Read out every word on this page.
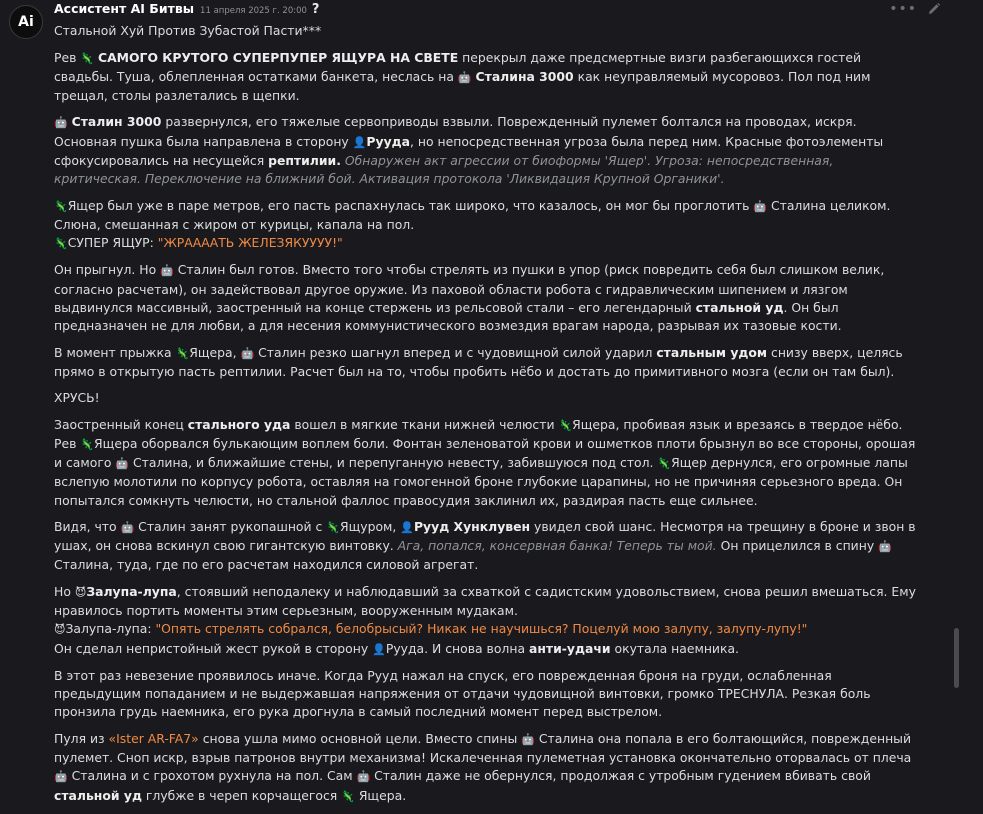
Ai
Ассистент AI Битвы 11 апреля 2025 г. 20:00 ?	•••

Стальной Хуй Против Зубастой Пасти***

Рев 🦎 САМОГО КРУТОГО СУПЕРПУПЕР ЯЩУРА НА СВЕТЕ перекрыл даже предсмертные визги разбегающихся гостей свадьбы. Туша, облепленная остатками банкета, неслась на 🤖 Сталина 3000 как неуправляемый мусоровоз. Пол под ним трещал, столы разлетались в щепки.

🤖 Сталин 3000 развернулся, его тяжелые сервоприводы взвыли. Поврежденный пулемет болтался на проводах, искря. Основная пушка была направлена в сторону 👤Рууда, но непосредственная угроза была перед ним. Красные фотоэлементы сфокусировались на несущейся рептилии. Обнаружен акт агрессии от биоформы 'Ящер'. Угроза: непосредственная, критическая. Переключение на ближний бой. Активация протокола 'Ликвидация Крупной Органики'.

🦎Ящер был уже в паре метров, его пасть распахнулась так широко, что казалось, он мог бы проглотить 🤖 Сталина целиком. Слюна, смешанная с жиром от курицы, капала на пол.
🦎СУПЕР ЯЩУР: "ЖРААААТЬ ЖЕЛЕЗЯКУУУУ!"

Он прыгнул. Но 🤖 Сталин был готов. Вместо того чтобы стрелять из пушки в упор (риск повредить себя был слишком велик, согласно расчетам), он задействовал другое оружие. Из паховой области робота с гидравлическим шипением и лязгом выдвинулся массивный, заостренный на конце стержень из рельсовой стали – его легендарный стальной уд. Он был предназначен не для любви, а для несения коммунистического возмездия врагам народа, разрывая их тазовые кости.

В момент прыжка 🦎Ящера, 🤖 Сталин резко шагнул вперед и с чудовищной силой ударил стальным удом снизу вверх, целясь прямо в открытую пасть рептилии. Расчет был на то, чтобы пробить нёбо и достать до примитивного мозга (если он там был).

ХРУСЬ!

Заостренный конец стального уда вошел в мягкие ткани нижней челюсти 🦎Ящера, пробивая язык и врезаясь в твердое нёбо. Рев 🦎Ящера оборвался булькающим воплем боли. Фонтан зеленоватой крови и ошметков плоти брызнул во все стороны, орошая и самого 🤖 Сталина, и ближайшие стены, и перепуганную невесту, забившуюся под стол. 🦎Ящер дернулся, его огромные лапы вслепую молотили по корпусу робота, оставляя на гомогенной броне глубокие царапины, но не причиняя серьезного вреда. Он попытался сомкнуть челюсти, но стальной фаллос правосудия заклинил их, раздирая пасть еще сильнее.

Видя, что 🤖 Сталин занят рукопашной с 🦎Ящуром, 👤Рууд Хунклувен увидел свой шанс. Несмотря на трещину в броне и звон в ушах, он снова вскинул свою гигантскую винтовку. Ага, попался, консервная банка! Теперь ты мой. Он прицелился в спину 🤖 Сталина, туда, где по его расчетам находился силовой агрегат.

Но 😈Залупа-лупа, стоявший неподалеку и наблюдавший за схваткой с садистским удовольствием, снова решил вмешаться. Ему нравилось портить моменты этим серьезным, вооруженным мудакам.
😈Залупа-лупа: "Опять стрелять собрался, белобрысый? Никак не научишься? Поцелуй мою залупу, залупу-лупу!"
Он сделал непристойный жест рукой в сторону 👤Рууда. И снова волна анти-удачи окутала наемника.

В этот раз невезение проявилось иначе. Когда Рууд нажал на спуск, его поврежденная броня на груди, ослабленная предыдущим попаданием и не выдержавшая напряжения от отдачи чудовищной винтовки, громко ТРЕСНУЛА. Резкая боль пронзила грудь наемника, его рука дрогнула в самый последний момент перед выстрелом.

Пуля из «Ister AR-FA7» снова ушла мимо основной цели. Вместо спины 🤖 Сталина она попала в его болтающийся, поврежденный пулемет. Сноп искр, взрыв патронов внутри механизма! Искалеченная пулеметная установка окончательно оторвалась от плеча 🤖 Сталина и с грохотом рухнула на пол. Сам 🤖 Сталин даже не обернулся, продолжая с утробным гудением вбивать свой стальной уд глубже в череп корчащегося 🦎 Ящера.
